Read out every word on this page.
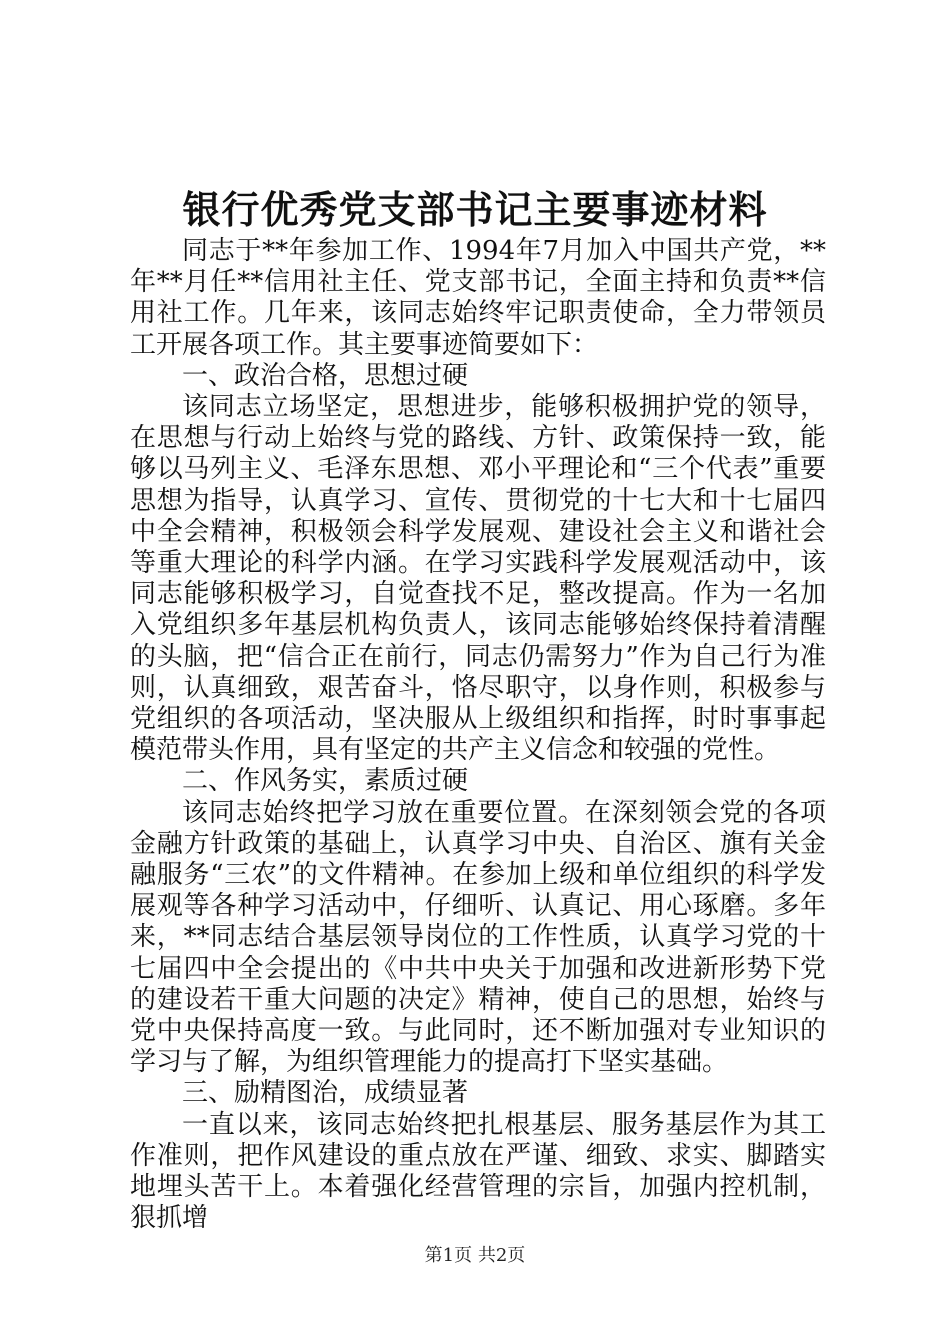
银行优秀党支部书记主要事迹材料

同志于**年参加工作、1994年7月加入中国共产党，**年**月任**信用社主任、党支部书记，全面主持和负责**信用社工作。几年来，该同志始终牢记职责使命，全力带领员工开展各项工作。其主要事迹简要如下：

一、政治合格，思想过硬

该同志立场坚定，思想进步，能够积极拥护党的领导，在思想与行动上始终与党的路线、方针、政策保持一致，能够以马列主义、毛泽东思想、邓小平理论和“三个代表”重要思想为指导，认真学习、宣传、贯彻党的十七大和十七届四中全会精神，积极领会科学发展观、建设社会主义和谐社会等重大理论的科学内涵。在学习实践科学发展观活动中，该同志能够积极学习，自觉查找不足，整改提高。作为一名加入党组织多年基层机构负责人，该同志能够始终保持着清醒的头脑，把“信合正在前行，同志仍需努力”作为自己行为准则，认真细致，艰苦奋斗，恪尽职守，以身作则，积极参与党组织的各项活动，坚决服从上级组织和指挥，时时事事起模范带头作用，具有坚定的共产主义信念和较强的党性。

二、作风务实，素质过硬

该同志始终把学习放在重要位置。在深刻领会党的各项金融方针政策的基础上，认真学习中央、自治区、旗有关金融服务“三农”的文件精神。在参加上级和单位组织的科学发展观等各种学习活动中，仔细听、认真记、用心琢磨。多年来，**同志结合基层领导岗位的工作性质，认真学习党的十七届四中全会提出的《中共中央关于加强和改进新形势下党的建设若干重大问题的决定》精神，使自己的思想，始终与党中央保持高度一致。与此同时，还不断加强对专业知识的学习与了解，为组织管理能力的提高打下坚实基础。

三、励精图治，成绩显著

一直以来，该同志始终把扎根基层、服务基层作为其工作准则，把作风建设的重点放在严谨、细致、求实、脚踏实地埋头苦干上。本着强化经营管理的宗旨，加强内控机制，狠抓增

第1页 共2页
